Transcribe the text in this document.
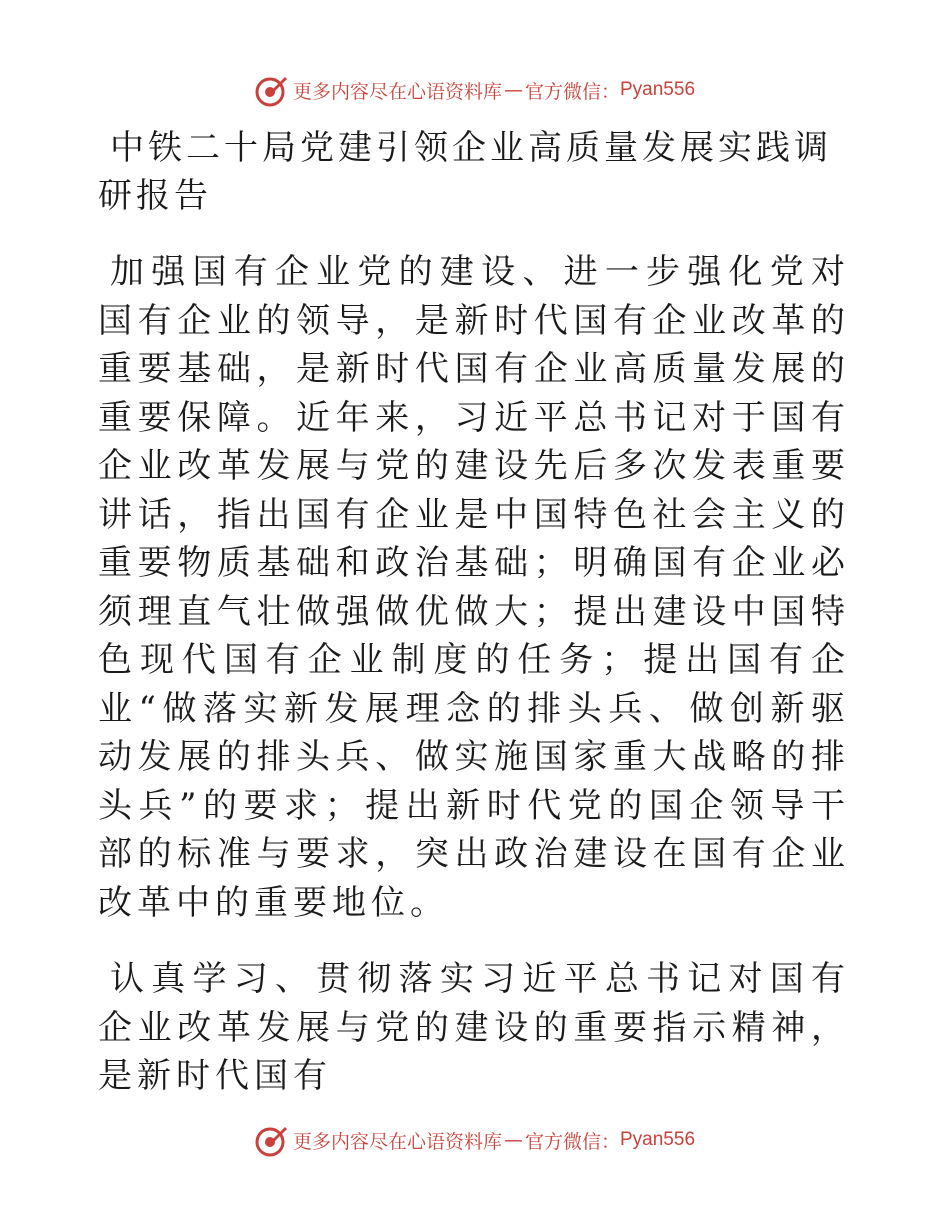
更多内容尽在心语资料库 — 官方微信： Pyan556
中铁二十局党建引领企业高质量发展实践调研报告

加强国有企业党的建设、进一步强化党对国有企业的领导，是新时代国有企业改革的重要基础，是新时代国有企业高质量发展的重要保障。近年来，习近平总书记对于国有企业改革发展与党的建设先后多次发表重要讲话，指出国有企业是中国特色社会主义的重要物质基础和政治基础；明确国有企业必须理直气壮做强做优做大；提出建设中国特色现代国有企业制度的任务；提出国有企业“做落实新发展理念的排头兵、做创新驱动发展的排头兵、做实施国家重大战略的排头兵”的要求；提出新时代党的国企领导干部的标准与要求，突出政治建设在国有企业改革中的重要地位。

认真学习、贯彻落实习近平总书记对国有企业改革发展与党的建设的重要指示精神，是新时代国有

更多内容尽在心语资料库 — 官方微信： Pyan556
